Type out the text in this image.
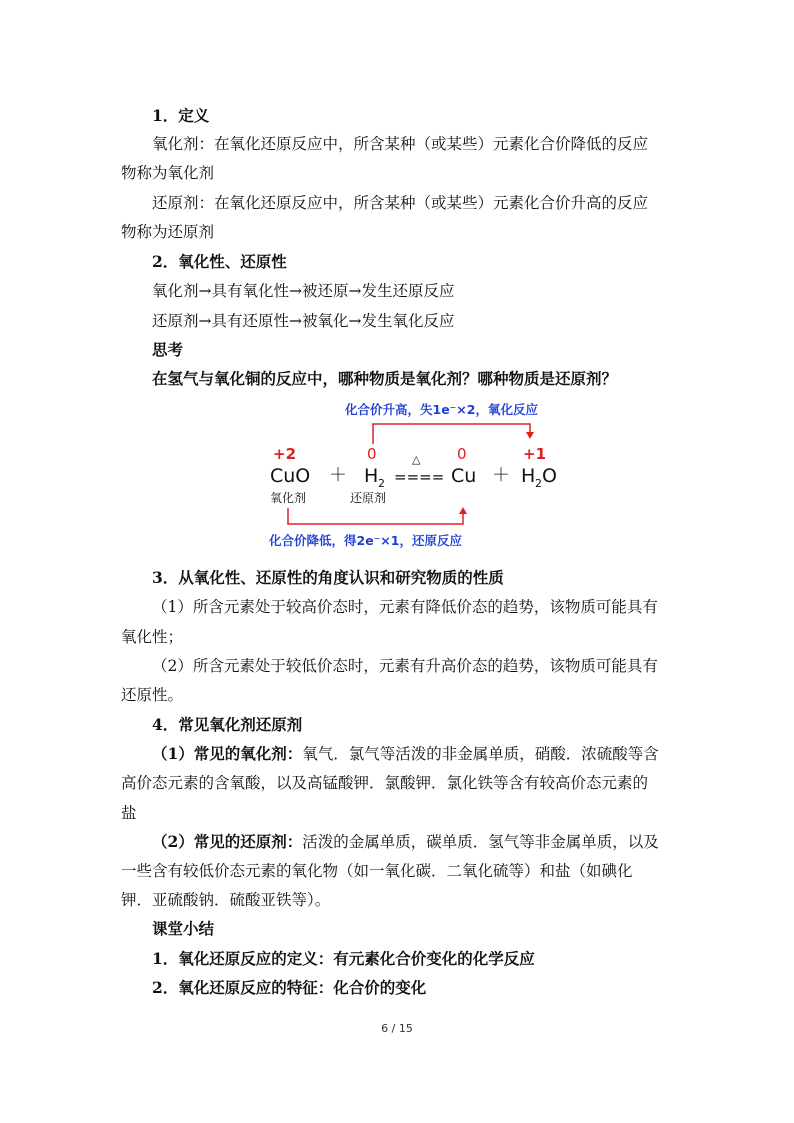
1．定义
氧化剂：在氧化还原反应中，所含某种（或某些）元素化合价降低的反应
物称为氧化剂
还原剂：在氧化还原反应中，所含某种（或某些）元素化合价升高的反应
物称为还原剂
2．氧化性、还原性
氧化剂→具有氧化性→被还原→发生还原反应
还原剂→具有还原性→被氧化→发生氧化反应
思考
在氢气与氧化铜的反应中，哪种物质是氧化剂？哪种物质是还原剂？
化合价升高，失1e⁻×2，氧化反应
+2	0	0	+1
△
CuO ＋ H 2 ==== Cu ＋ H 2 O
氧化剂	还原剂
化合价降低，得2e⁻×1，还原反应
3．从氧化性、还原性的角度认识和研究物质的性质
（1）所含元素处于较高价态时，元素有降低价态的趋势，该物质可能具有
氧化性；
（2）所含元素处于较低价态时，元素有升高价态的趋势，该物质可能具有
还原性。
4．常见氧化剂还原剂
（1）常见的氧化剂：氧气．氯气等活泼的非金属单质，硝酸．浓硫酸等含
高价态元素的含氧酸，以及高锰酸钾．氯酸钾．氯化铁等含有较高价态元素的
盐
（2）常见的还原剂：活泼的金属单质，碳单质．氢气等非金属单质，以及
一些含有较低价态元素的氧化物（如一氧化碳．二氧化硫等）和盐（如碘化
钾．亚硫酸钠．硫酸亚铁等）。
课堂小结
1．氧化还原反应的定义：有元素化合价变化的化学反应
2．氧化还原反应的特征：化合价的变化
6 / 15
